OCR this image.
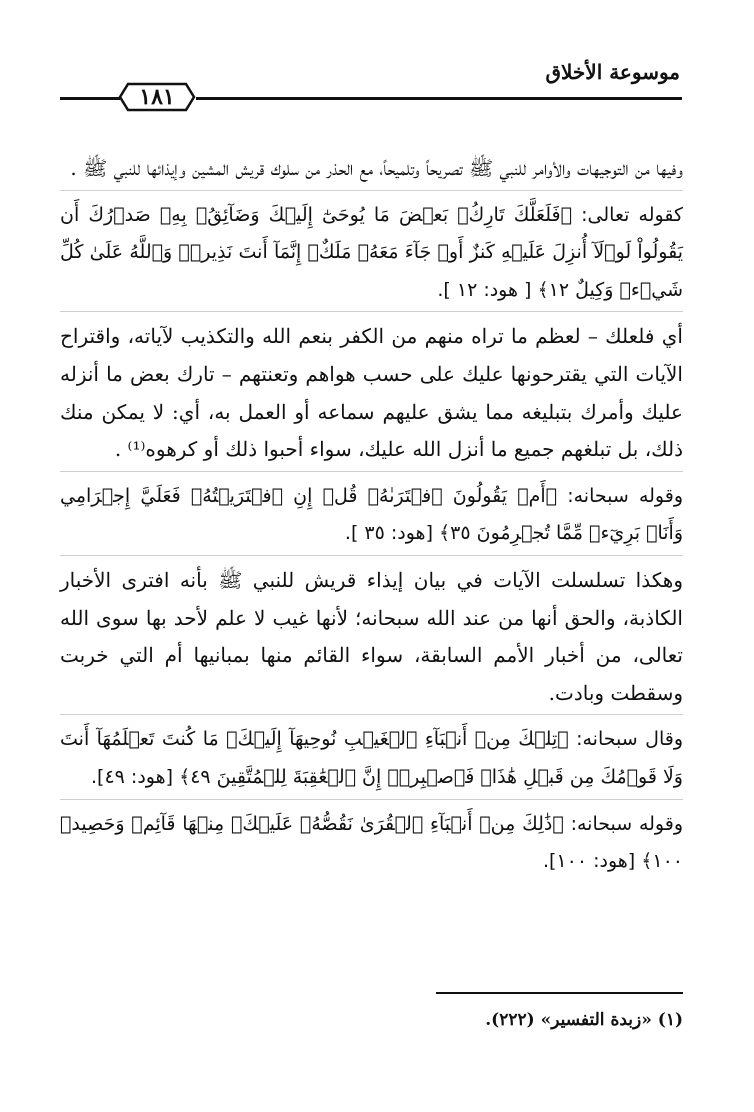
موسوعة الأخلاق
١٨١

وفيها من التوجيهات والأوامر للنبي ﷺ تصريحاً وتلميحاً، مع الحذر من سلوك قريش المشين وإيذائها للنبي ﷺ .

كقوله تعالى: ﴿فَلَعَلَّكَ تَارِكُۢ بَعۡضَ مَا يُوحَىٰٓ إِلَيۡكَ وَضَآئِقُۢ بِهِۦ صَدۡرُكَ أَن يَقُولُواْ لَوۡلَآ أُنزِلَ عَلَيۡهِ كَنزٌ أَوۡ جَآءَ مَعَهُۥ مَلَكٌۚ إِنَّمَآ أَنتَ نَذِيرٞۚ وَٱللَّهُ عَلَىٰ كُلِّ شَيۡءٖ وَكِيلٌ ١٢﴾ [ هود: ١٢ ].

أي فلعلك – لعظم ما تراه منهم من الكفر بنعم الله والتكذيب لآياته، واقتراح الآيات التي يقترحونها عليك على حسب هواهم وتعنتهم – تارك بعض ما أنزله عليك وأمرك بتبليغه مما يشق عليهم سماعه أو العمل به، أي: لا يمكن منك ذلك، بل تبلغهم جميع ما أنزل الله عليك، سواء أحبوا ذلك أو كرهوه⁽¹⁾ .

وقوله سبحانه: ﴿أَمۡ يَقُولُونَ ٱفۡتَرَىٰهُۖ قُلۡ إِنِ ٱفۡتَرَيۡتُهُۥ فَعَلَيَّ إِجۡرَامِي وَأَنَا۠ بَرِيٓءٞ مِّمَّا تُجۡرِمُونَ ٣٥﴾ [هود: ٣٥ ].

وهكذا تسلسلت الآيات في بيان إيذاء قريش للنبي ﷺ بأنه افترى الأخبار الكاذبة، والحق أنها من عند الله سبحانه؛ لأنها غيب لا علم لأحد بها سوى الله تعالى، من أخبار الأمم السابقة، سواء القائم منها بمبانيها أم التي خربت وسقطت وبادت.

وقال سبحانه: ﴿تِلۡكَ مِنۡ أَنۢبَآءِ ٱلۡغَيۡبِ نُوحِيهَآ إِلَيۡكَۖ مَا كُنتَ تَعۡلَمُهَآ أَنتَ وَلَا قَوۡمُكَ مِن قَبۡلِ هَٰذَاۖ فَٱصۡبِرۡۖ إِنَّ ٱلۡعَٰقِبَةَ لِلۡمُتَّقِينَ ٤٩﴾ [هود: ٤٩].

وقوله سبحانه: ﴿ذَٰلِكَ مِنۡ أَنۢبَآءِ ٱلۡقُرَىٰ نَقُصُّهُۥ عَلَيۡكَۖ مِنۡهَا قَآئِمٞ وَحَصِيدٞ ١٠٠﴾ [هود: ١٠٠].

(١) «زبدة التفسير» (٢٢٢).
